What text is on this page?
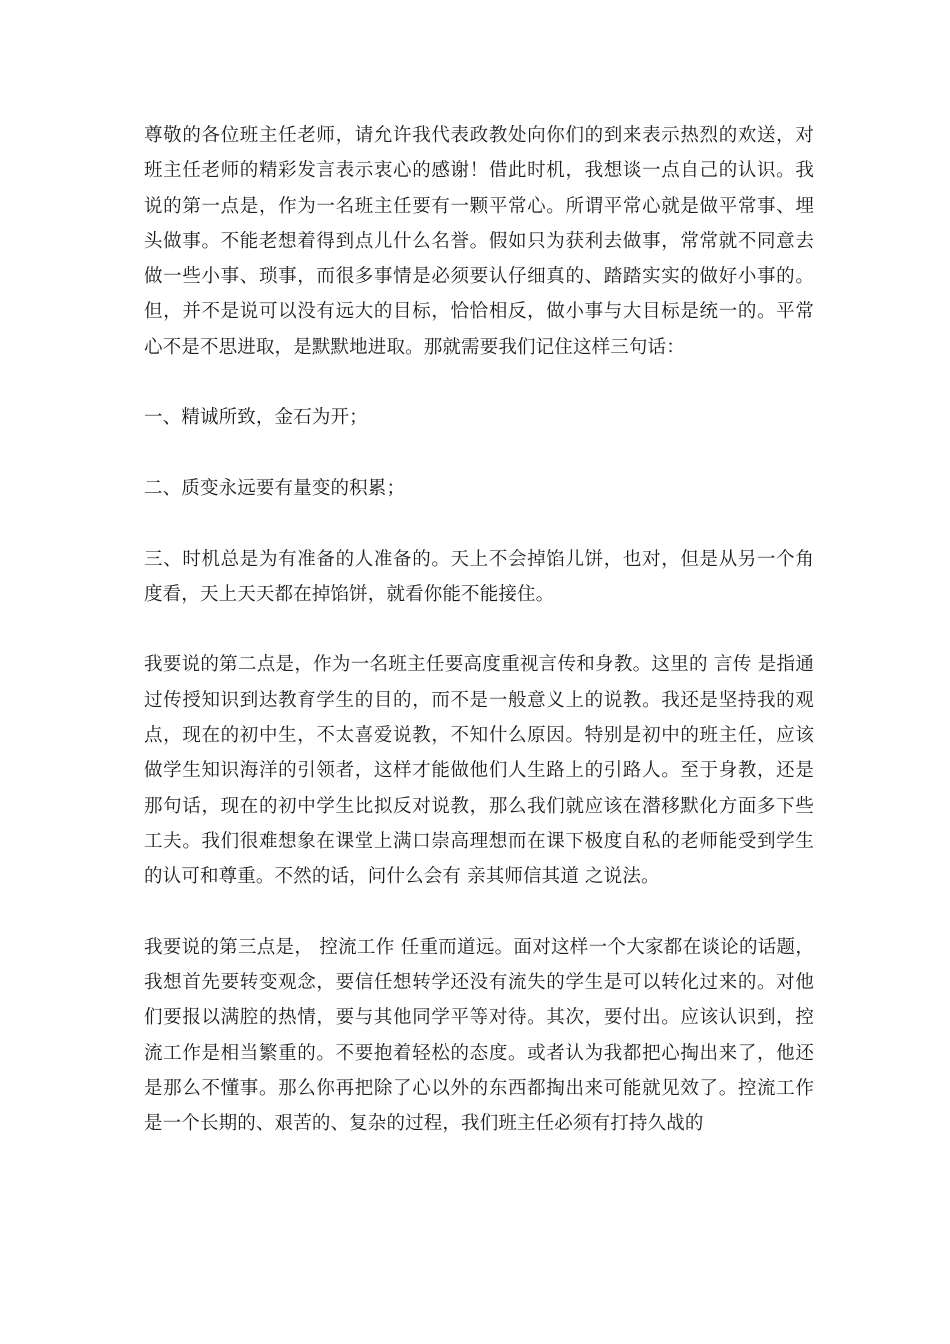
尊敬的各位班主任老师，请允许我代表政教处向你们的到来表示热烈的欢送，对班主任老师的精彩发言表示衷心的感谢！借此时机，我想谈一点自己的认识。我说的第一点是，作为一名班主任要有一颗平常心。所谓平常心就是做平常事、埋头做事。不能老想着得到点儿什么名誉。假如只为获利去做事，常常就不同意去做一些小事、琐事，而很多事情是必须要认仔细真的、踏踏实实的做好小事的。但，并不是说可以没有远大的目标，恰恰相反，做小事与大目标是统一的。平常心不是不思进取，是默默地进取。那就需要我们记住这样三句话：

一、精诚所致，金石为开；

二、质变永远要有量变的积累；

三、时机总是为有准备的人准备的。天上不会掉馅儿饼，也对，但是从另一个角度看，天上天天都在掉馅饼，就看你能不能接住。

我要说的第二点是，作为一名班主任要高度重视言传和身教。这里的 言传 是指通过传授知识到达教育学生的目的，而不是一般意义上的说教。我还是坚持我的观点，现在的初中生，不太喜爱说教，不知什么原因。特别是初中的班主任，应该做学生知识海洋的引领者，这样才能做他们人生路上的引路人。至于身教，还是那句话，现在的初中学生比拟反对说教，那么我们就应该在潜移默化方面多下些工夫。我们很难想象在课堂上满口崇高理想而在课下极度自私的老师能受到学生的认可和尊重。不然的话，问什么会有 亲其师信其道 之说法。

我要说的第三点是， 控流工作 任重而道远。面对这样一个大家都在谈论的话题，我想首先要转变观念，要信任想转学还没有流失的学生是可以转化过来的。对他们要报以满腔的热情，要与其他同学平等对待。其次，要付出。应该认识到，控流工作是相当繁重的。不要抱着轻松的态度。或者认为我都把心掏出来了，他还是那么不懂事。那么你再把除了心以外的东西都掏出来可能就见效了。控流工作是一个长期的、艰苦的、复杂的过程，我们班主任必须有打持久战的
